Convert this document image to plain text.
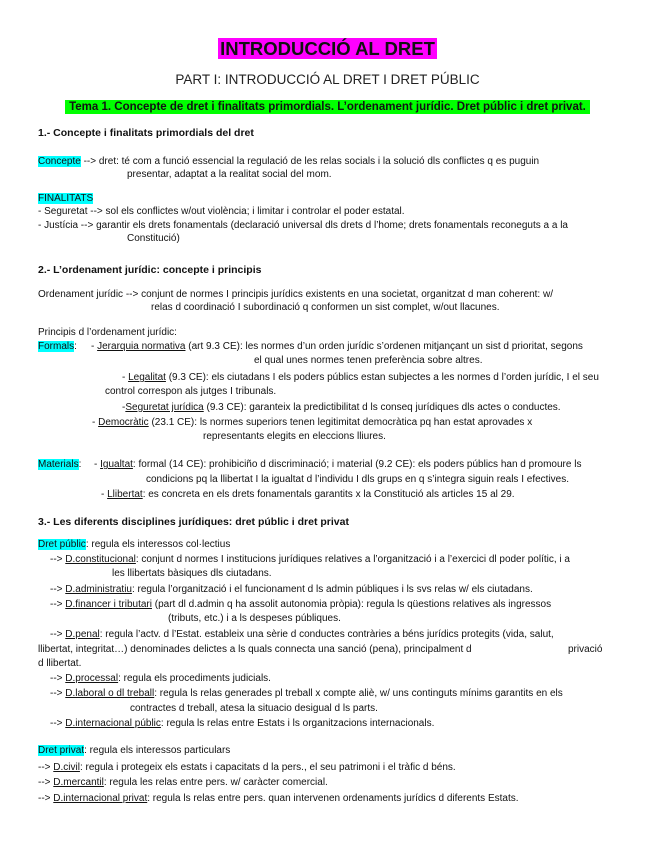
INTRODUCCIÓ AL DRET
PART I: INTRODUCCIÓ AL DRET I DRET PÚBLIC
Tema 1. Concepte de dret i finalitats primordials. L’ordenament jurídic. Dret públic i dret privat.
1.- Concepte i finalitats primordials del dret
Concepte --> dret: té com a funció essencial la regulació de les relas socials i la solució dls conflictes q es puguin
presentar, adaptat a la realitat social del mom.
FINALITATS
- Seguretat --> sol els conflictes w/out violència; i limitar i controlar el poder estatal.
- Justícia --> garantir els drets fonamentals (declaració universal dls drets d l’home; drets fonamentals reconeguts a a la
Constitució)
2.- L’ordenament jurídic: concepte i principis
Ordenament jurídic --> conjunt de normes I principis jurídics existents en una societat, organitzat d man coherent: w/
relas d coordinació I subordinació q conformen un sist complet, w/out llacunes.
Principis d l’ordenament jurídic:
Formals: - Jerarquia normativa (art 9.3 CE): les normes d’un orden jurídic s’ordenen mitjançant un sist d prioritat, segons
el qual unes normes tenen preferència sobre altres.
- Legalitat (9.3 CE): els ciutadans I els poders públics estan subjectes a les normes d l’orden jurídic, I el seu
control correspon als jutges I tribunals.
-Seguretat jurídica (9.3 CE): garanteix la predictibilitat d ls conseq jurídiques dls actes o conductes.
- Democràtic (23.1 CE): ls normes superiors tenen legitimitat democràtica pq han estat aprovades x
representants elegits en eleccions lliures.
Materials: - Igualtat: formal (14 CE): prohibiciño d discriminació; i material (9.2 CE): els poders públics han d promoure ls
condicions pq la llibertat I la igualtat d l’individu I dls grups en q s’integra siguin reals I efectives.
- Llibertat: es concreta en els drets fonamentals garantits x la Constitució als articles 15 al 29.
3.- Les diferents disciplines jurídiques: dret públic i dret privat
Dret públic: regula els interessos col·lectius
--> D.constitucional: conjunt d normes I institucions jurídiques relatives a l’organització i a l’exercici dl poder polític, i a
les llibertats bàsiques dls ciutadans.
--> D.administratiu: regula l’organització i el funcionament d ls admin públiques i ls svs relas w/ els ciutadans.
--> D.financer i tributari (part dl d.admin q ha assolit autonomia pròpia): regula ls qüestions relatives als ingressos
(tributs, etc.) i a ls despeses públiques.
--> D.penal: regula l’actv. d l’Estat. estableix una sèrie d conductes contràries a béns jurídics protegits (vida, salut,
llibertat, integritat…) denominades delictes a ls quals connecta una sanció (pena), principalment d	privació
d llibertat.
--> D.processal: regula els procediments judicials.
--> D.laboral o dl treball: regula ls relas generades pl treball x compte aliè, w/ uns continguts mínims garantits en els
contractes d treball, atesa la situacio desigual d ls parts.
--> D.internacional públic: regula ls relas entre Estats i ls organitzacions internacionals.
Dret privat: regula els interessos particulars
--> D.civil: regula i protegeix els estats i capacitats d la pers., el seu patrimoni i el tràfic d béns.
--> D.mercantil: regula les relas entre pers. w/ caràcter comercial.
--> D.internacional privat: regula ls relas entre pers. quan intervenen ordenaments jurídics d diferents Estats.
